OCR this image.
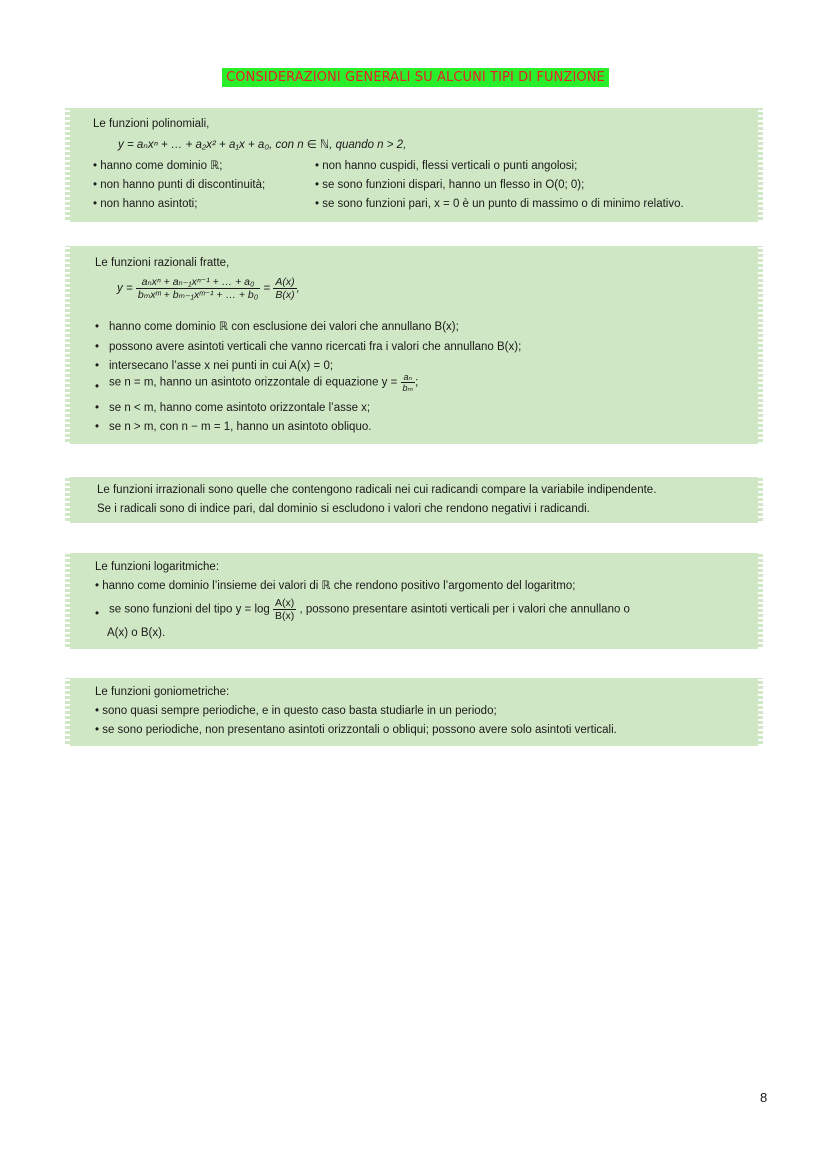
CONSIDERAZIONI GENERALI SU ALCUNI TIPI DI FUNZIONE
Le funzioni polinomiali,
y = aₙxⁿ + … + a₂x² + a₁x + a₀, con n ∈ ℕ, quando n > 2,
• hanno come dominio ℝ;
• non hanno punti di discontinuità;
• non hanno asintoti;
• non hanno cuspidi, flessi verticali o punti angolosi;
• se sono funzioni dispari, hanno un flesso in O(0; 0);
• se sono funzioni pari, x = 0 è un punto di massimo o di minimo relativo.
Le funzioni razionali fratte,
$y = \frac{\text{aₙxⁿ + aₙ₋₁xⁿ⁻¹ + … + a₀}}{\text{bₘxᵐ + bₘ₋₁xᵐ⁻¹ + … + b₀}} = \frac{A(x)}{B(x)}$ ,
• hanno come dominio ℝ con esclusione dei valori che annullano B(x);
• possono avere asintoti verticali che vanno ricercati fra i valori che annullano B(x);
• intersecano l’asse x nei punti in cui A(x) = 0;
• se n = m, hanno un asintoto orizzontale di equazione $y = \frac{\text{aₙ}}{\text{bₘ}}$ ;
• se n < m, hanno come asintoto orizzontale l’asse x;
• se n > m, con n − m = 1, hanno un asintoto obliquo.
Le funzioni irrazionali sono quelle che contengono radicali nei cui radicandi compare la variabile indipendente.
Se i radicali sono di indice pari, dal dominio si escludono i valori che rendono negativi i radicandi.
Le funzioni logaritmiche:
• hanno come dominio l’insieme dei valori di ℝ che rendono positivo l’argomento del logaritmo;
• se sono funzioni del tipo $y = \log \frac{A(x)}{B(x)}$ , possono presentare asintoti verticali per i valori che annullano o
A(x) o B(x).
Le funzioni goniometriche:
• sono quasi sempre periodiche, e in questo caso basta studiarle in un periodo;
• se sono periodiche, non presentano asintoti orizzontali o obliqui; possono avere solo asintoti verticali.
8
